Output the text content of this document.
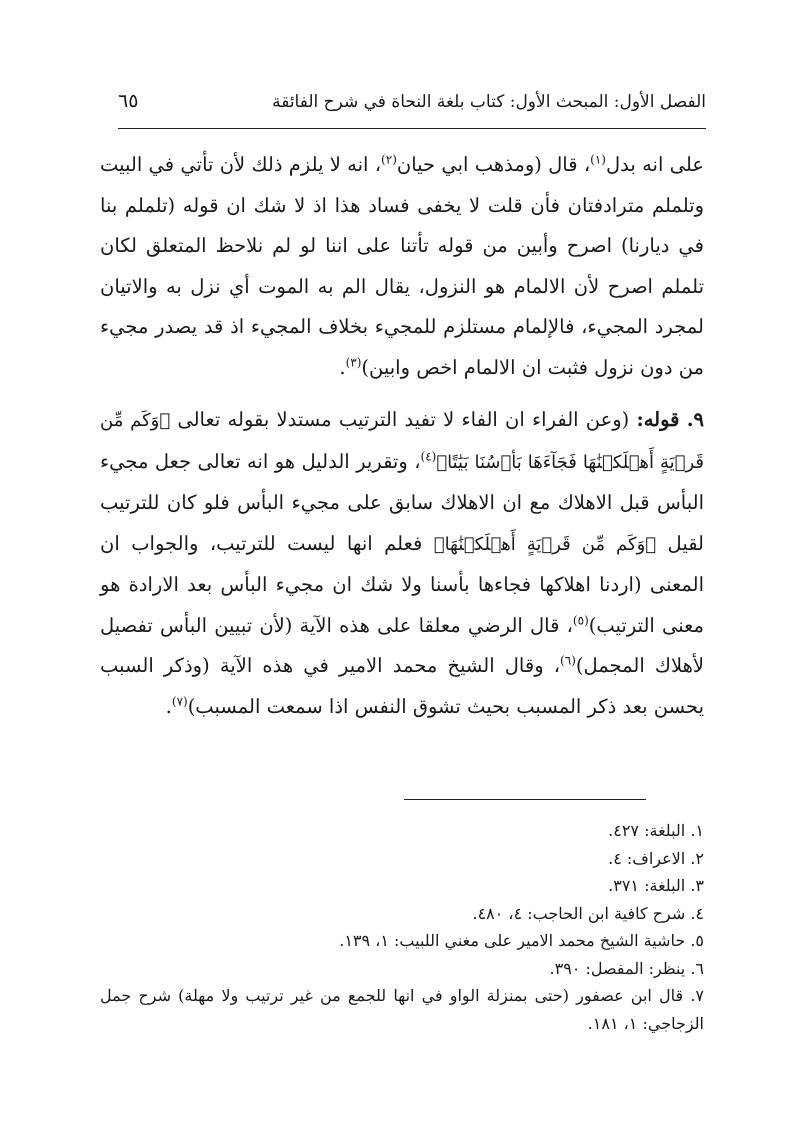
الفصل الأول: المبحث الأول: كتاب بلغة النحاة في شرح الفائقة
٦٥

على انه بدل$^{(١)}$، قال (ومذهب ابي حيان$^{(٢)}$، انه لا يلزم ذلك لأن تأتي في البيت وتلملم مترادفتان فأن قلت لا يخفى فساد هذا اذ لا شك ان قوله (تلملم بنا في ديارنا) اصرح وأبين من قوله تأتنا على اننا لو لم نلاحظ المتعلق لكان تلملم اصرح لأن الالمام هو النزول، يقال الم به الموت أي نزل به والاتيان لمجرد المجيء، فالإلمام مستلزم للمجيء بخلاف المجيء اذ قد يصدر مجيء من دون نزول فثبت ان الالمام اخص وابين)$^{(٣)}$.

٩. قوله: (وعن الفراء ان الفاء لا تفيد الترتيب مستدلا بقوله تعالى ﴿وَكَم مِّن قَرۡيَةٍ أَهۡلَكۡنَٰهَا فَجَآءَهَا بَأۡسُنَا بَيَٰتًا﴾$^{(٤)}$، وتقرير الدليل هو انه تعالى جعل مجيء البأس قبل الاهلاك مع ان الاهلاك سابق على مجيء البأس فلو كان للترتيب لقيل ﴿وَكَم مِّن قَرۡيَةٍ أَهۡلَكۡنَٰهَا﴾ فعلم انها ليست للترتيب، والجواب ان المعنى (اردنا اهلاكها فجاءها بأسنا ولا شك ان مجيء البأس بعد الارادة هو معنى الترتيب)$^{(٥)}$، قال الرضي معلقا على هذه الآية (لأن تبيين البأس تفصيل لأهلاك المجمل)$^{(٦)}$، وقال الشيخ محمد الامير في هذه الآية (وذكر السبب يحسن بعد ذكر المسبب بحيث تشوق النفس اذا سمعت المسبب)$^{(٧)}$.

١. البلغة: ٤٢٧.
٢. الاعراف: ٤.
٣. البلغة: ٣٧١.
٤. شرح كافية ابن الحاجب: ٤، ٤٨٠.
٥. حاشية الشيخ محمد الامير على مغني اللبيب: ١، ١٣٩.
٦. ينظر: المفصل: ٣٩٠.
٧. قال ابن عصفور (حتى بمنزلة الواو في انها للجمع من غير ترتيب ولا مهلة) شرح جمل الزجاجي: ١، ١٨١.
